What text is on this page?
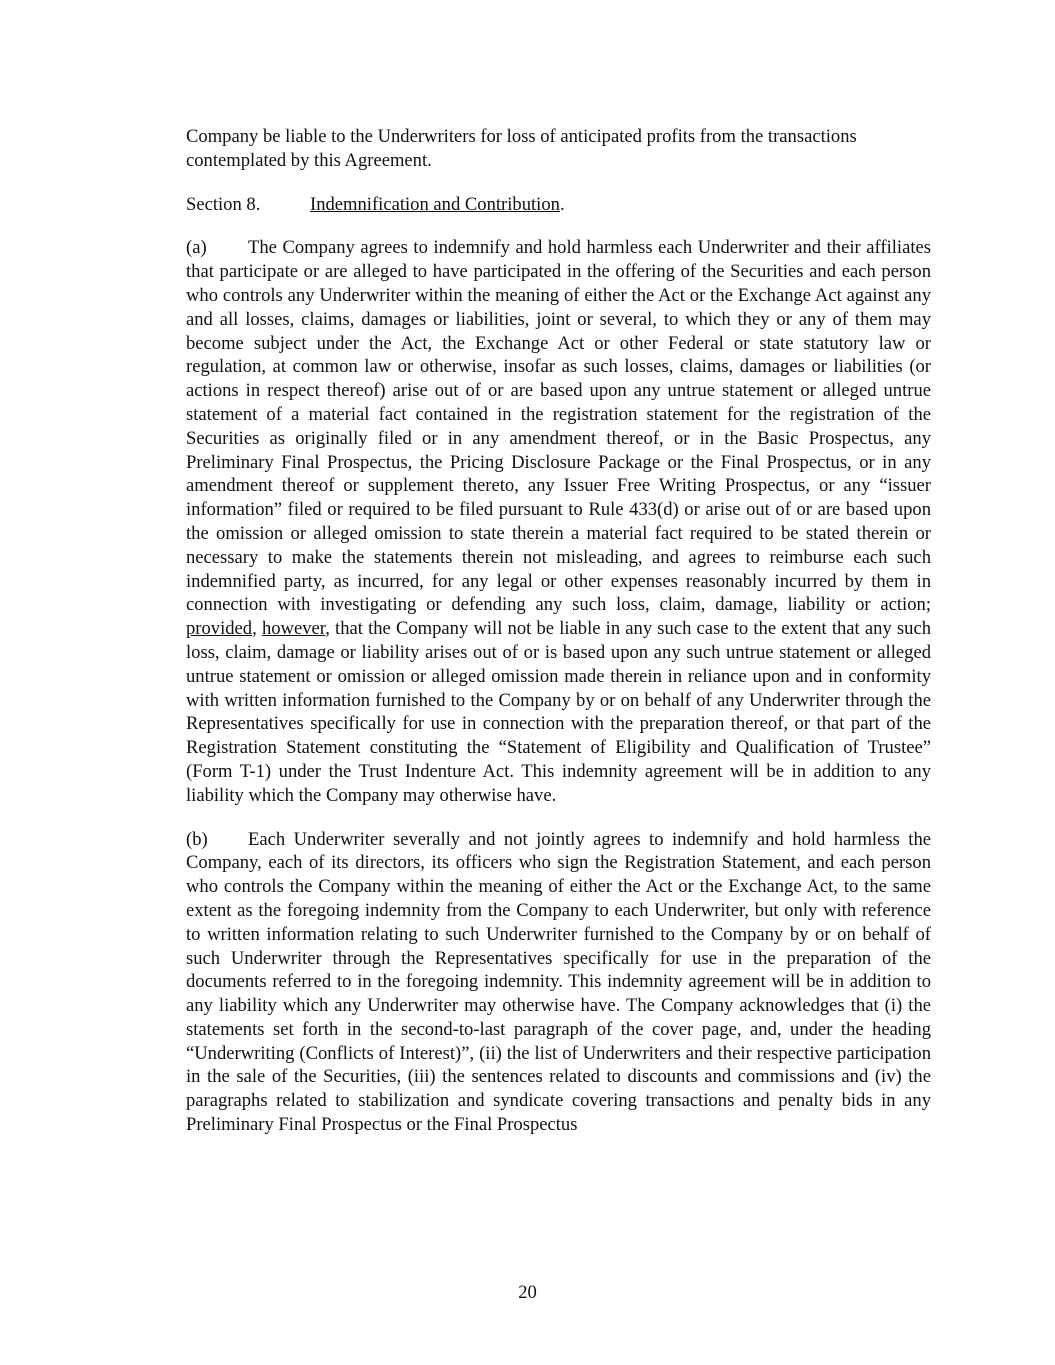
Company be liable to the Underwriters for loss of anticipated profits from the transactions contemplated by this Agreement.

Section 8.	Indemnification and Contribution.

(a) The Company agrees to indemnify and hold harmless each Underwriter and their affiliates that participate or are alleged to have participated in the offering of the Securities and each person who controls any Underwriter within the meaning of either the Act or the Exchange Act against any and all losses, claims, damages or liabilities, joint or several, to which they or any of them may become subject under the Act, the Exchange Act or other Federal or state statutory law or regulation, at common law or otherwise, insofar as such losses, claims, damages or liabilities (or actions in respect thereof) arise out of or are based upon any untrue statement or alleged untrue statement of a material fact contained in the registration statement for the registration of the Securities as originally filed or in any amendment thereof, or in the Basic Prospectus, any Preliminary Final Prospectus, the Pricing Disclosure Package or the Final Prospectus, or in any amendment thereof or supplement thereto, any Issuer Free Writing Prospectus, or any “issuer information” filed or required to be filed pursuant to Rule 433(d) or arise out of or are based upon the omission or alleged omission to state therein a material fact required to be stated therein or necessary to make the statements therein not misleading, and agrees to reimburse each such indemnified party, as incurred, for any legal or other expenses reasonably incurred by them in connection with investigating or defending any such loss, claim, damage, liability or action; provided, however, that the Company will not be liable in any such case to the extent that any such loss, claim, damage or liability arises out of or is based upon any such untrue statement or alleged untrue statement or omission or alleged omission made therein in reliance upon and in conformity with written information furnished to the Company by or on behalf of any Underwriter through the Representatives specifically for use in connection with the preparation thereof, or that part of the Registration Statement constituting the “Statement of Eligibility and Qualification of Trustee” (Form T-1) under the Trust Indenture Act. This indemnity agreement will be in addition to any liability which the Company may otherwise have.

(b) Each Underwriter severally and not jointly agrees to indemnify and hold harmless the Company, each of its directors, its officers who sign the Registration Statement, and each person who controls the Company within the meaning of either the Act or the Exchange Act, to the same extent as the foregoing indemnity from the Company to each Underwriter, but only with reference to written information relating to such Underwriter furnished to the Company by or on behalf of such Underwriter through the Representatives specifically for use in the preparation of the documents referred to in the foregoing indemnity. This indemnity agreement will be in addition to any liability which any Underwriter may otherwise have. The Company acknowledges that (i) the statements set forth in the second-to-last paragraph of the cover page, and, under the heading “Underwriting (Conflicts of Interest)”, (ii) the list of Underwriters and their respective participation in the sale of the Securities, (iii) the sentences related to discounts and commissions and (iv) the paragraphs related to stabilization and syndicate covering transactions and penalty bids in any Preliminary Final Prospectus or the Final Prospectus

20
